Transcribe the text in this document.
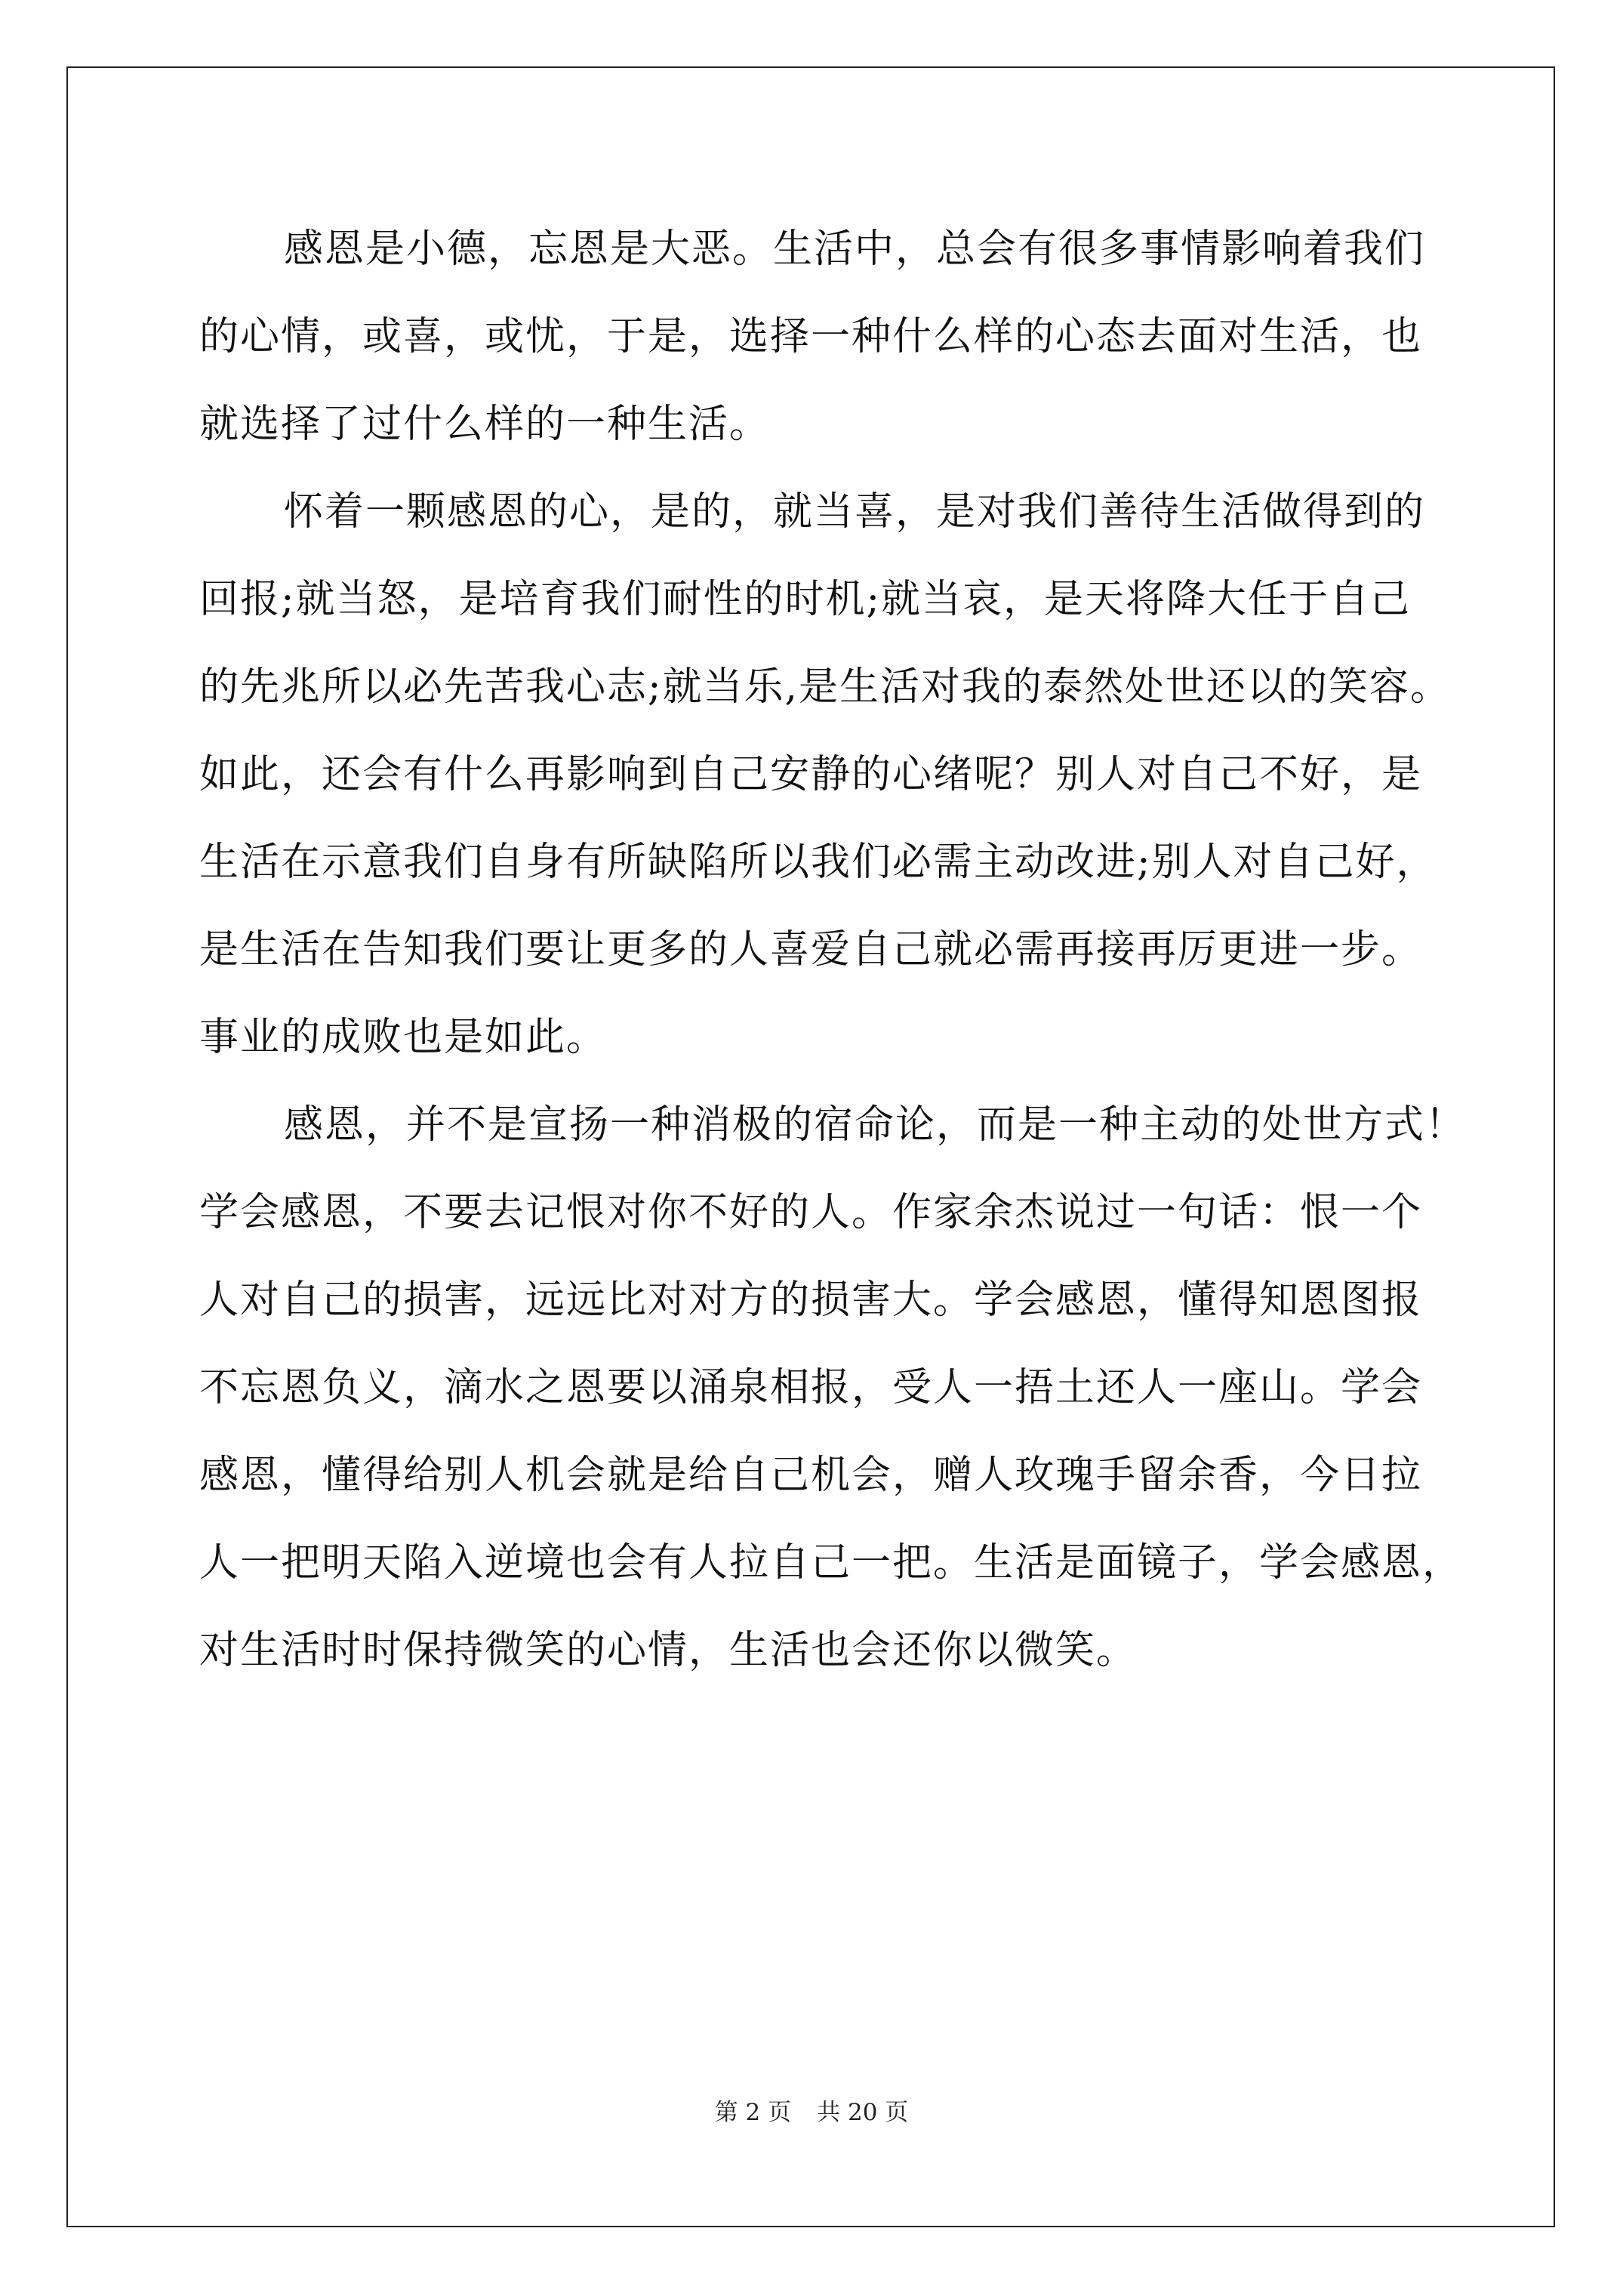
感恩是小德，忘恩是大恶。生活中，总会有很多事情影响着我们
的心情，或喜，或忧，于是，选择一种什么样的心态去面对生活，也
就选择了过什么样的一种生活。
怀着一颗感恩的心，是的，就当喜，是对我们善待生活做得到的
回报;就当怒，是培育我们耐性的时机;就当哀，是天将降大任于自己
的先兆所以必先苦我心志;就当乐,是生活对我的泰然处世还以的笑容。
如此，还会有什么再影响到自己安静的心绪呢？别人对自己不好，是
生活在示意我们自身有所缺陷所以我们必需主动改进;别人对自己好，
是生活在告知我们要让更多的人喜爱自己就必需再接再厉更进一步。
事业的成败也是如此。
感恩，并不是宣扬一种消极的宿命论，而是一种主动的处世方式！
学会感恩，不要去记恨对你不好的人。作家余杰说过一句话：恨一个
人对自己的损害，远远比对对方的损害大。学会感恩，懂得知恩图报
不忘恩负义，滴水之恩要以涌泉相报，受人一捂土还人一座山。学会
感恩，懂得给别人机会就是给自己机会，赠人玫瑰手留余香，今日拉
人一把明天陷入逆境也会有人拉自己一把。生活是面镜子，学会感恩，
对生活时时保持微笑的心情，生活也会还你以微笑。
第 2 页 共 20 页
